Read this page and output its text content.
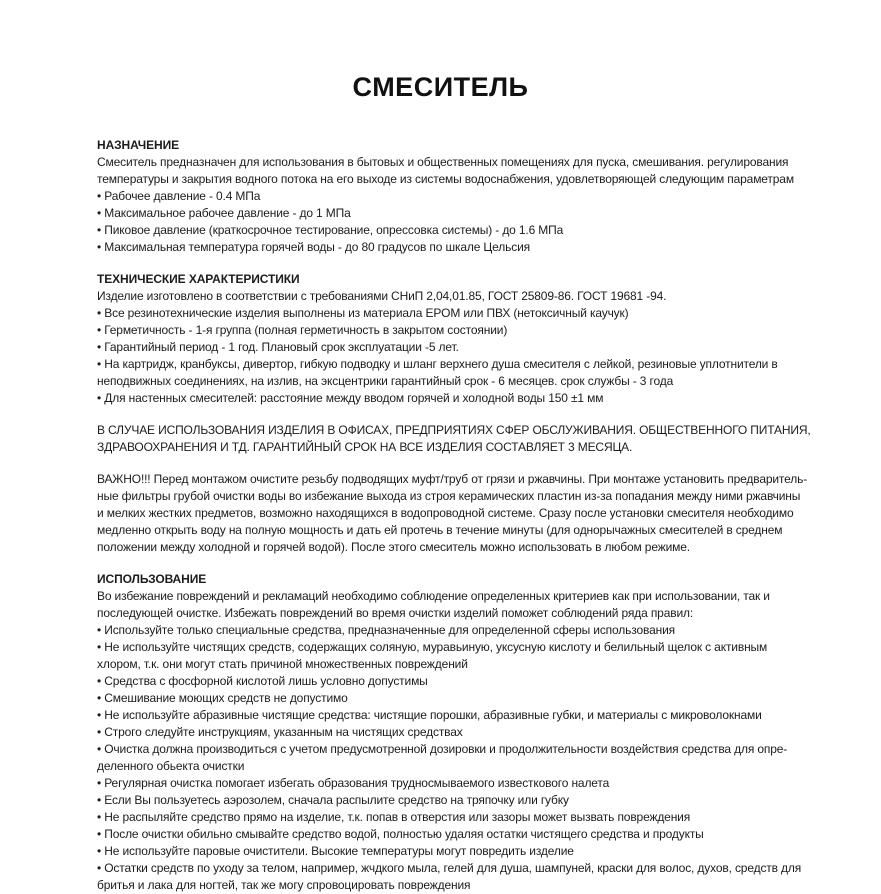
СМЕСИТЕЛЬ
НАЗНАЧЕНИЕ
Смеситель предназначен для использования в бытовых и общественных помещениях для пуска, смешивания. регулирования
температуры и закрытия водного потока на его выходе из системы водоснабжения, удовлетворяющей следующим параметрам
• Рабочее давление - 0.4 МПа
• Максимальное рабочее давление - до 1 МПа
• Пиковое давление (краткосрочное тестирование, опрессовка системы) - до 1.6 МПа
• Максимальная температура горячей воды - до 80 градусов по шкале Цельсия
ТЕХНИЧЕСКИЕ ХАРАКТЕРИСТИКИ
Изделие изготовлено в соответствии с требованиями СНиП 2,04,01.85, ГОСТ 25809-86. ГОСТ 19681 -94.
• Все резинотехнические изделия выполнены из материала EPOM или ПВХ (нетоксичный каучук)
• Герметичность - 1-я группа (полная герметичность в закрытом состоянии)
• Гарантийный период - 1 год. Плановый срок эксплуатации -5 лет.
• На картридж, кранбуксы, дивертор, гибкую подводку и шланг верхнего душа смесителя с лейкой, резиновые уплотнители в
неподвижных соединениях, на излив, на эксцентрики гарантийный срок - 6 месяцев. срок службы - 3 года
• Для настенных смесителей: расстояние между вводом горячей и холодной воды 150 ±1 мм
В СЛУЧАЕ ИСПОЛЬЗОВАНИЯ ИЗДЕЛИЯ В ОФИСАХ, ПРЕДПРИЯТИЯХ СФЕР ОБСЛУЖИВАНИЯ. ОБЩЕСТВЕННОГО ПИТАНИЯ,
ЗДРАВООХРАНЕНИЯ И ТД. ГАРАНТИЙНЫЙ СРОК НА ВСЕ ИЗДЕЛИЯ СОСТАВЛЯЕТ 3 МЕСЯЦА.
ВАЖНО!!! Перед монтажом очистите резьбу подводящих муфт/труб от грязи и ржавчины. При монтаже установить предваритель-
ные фильтры грубой очистки воды во избежание выхода из строя керамических пластин из-за попадания между ними ржавчины
и мелких жестких предметов, возможно находящихся в водопроводной системе. Сразу после установки смесителя необходимо
медленно открыть воду на полную мощность и дать ей протечь в течение минуты (для однорычажных смесителей в среднем
положении между холодной и горячей водой). После этого смеситель можно использовать в любом режиме.
ИСПОЛЬЗОВАНИЕ
Во избежание повреждений и рекламаций необходимо соблюдение определенных критериев как при использовании, так и
последующей очистке. Избежать повреждений во время очистки изделий поможет соблюдений ряда правил:
• Используйте только специальные средства, предназначенные для определенной сферы использования
• Не используйте чистящих средств, содержащих соляную, муравьиную, уксусную кислоту и белильный щелок с активным
хлором, т.к. они могут стать причиной множественных повреждений
• Средства с фосфорной кислотой лишь условно допустимы
• Смешивание моющих средств не допустимо
• Не используйте абразивные чистящие средства: чистящие порошки, абразивные губки, и материалы с микроволокнами
• Строго следуйте инструкциям, указанным на чистящих средствах
• Очистка должна производиться с учетом предусмотренной дозировки и продолжительности воздействия средства для опре-
деленного обьекта очистки
• Регулярная очистка помогает избегать образования трудносмываемого известкового налета
• Если Вы пользуетесь аэрозолем, сначала распылите средство на тряпочку или губку
• Не распыляйте средство прямо на изделие, т.к. попав в отверстия или зазоры может вызвать повреждения
• После очистки обильно смывайте средство водой, полностью удаляя остатки чистящего средства и продукты
• Не используйте паровые очистители. Высокие температуры могут повредить изделие
• Остатки средств по уходу за телом, например, жчдкого мыла, гелей для душа, шампуней, краски для волос, духов, средств для
бритья и лака для ногтей, так же могу спровоцировать повреждения
